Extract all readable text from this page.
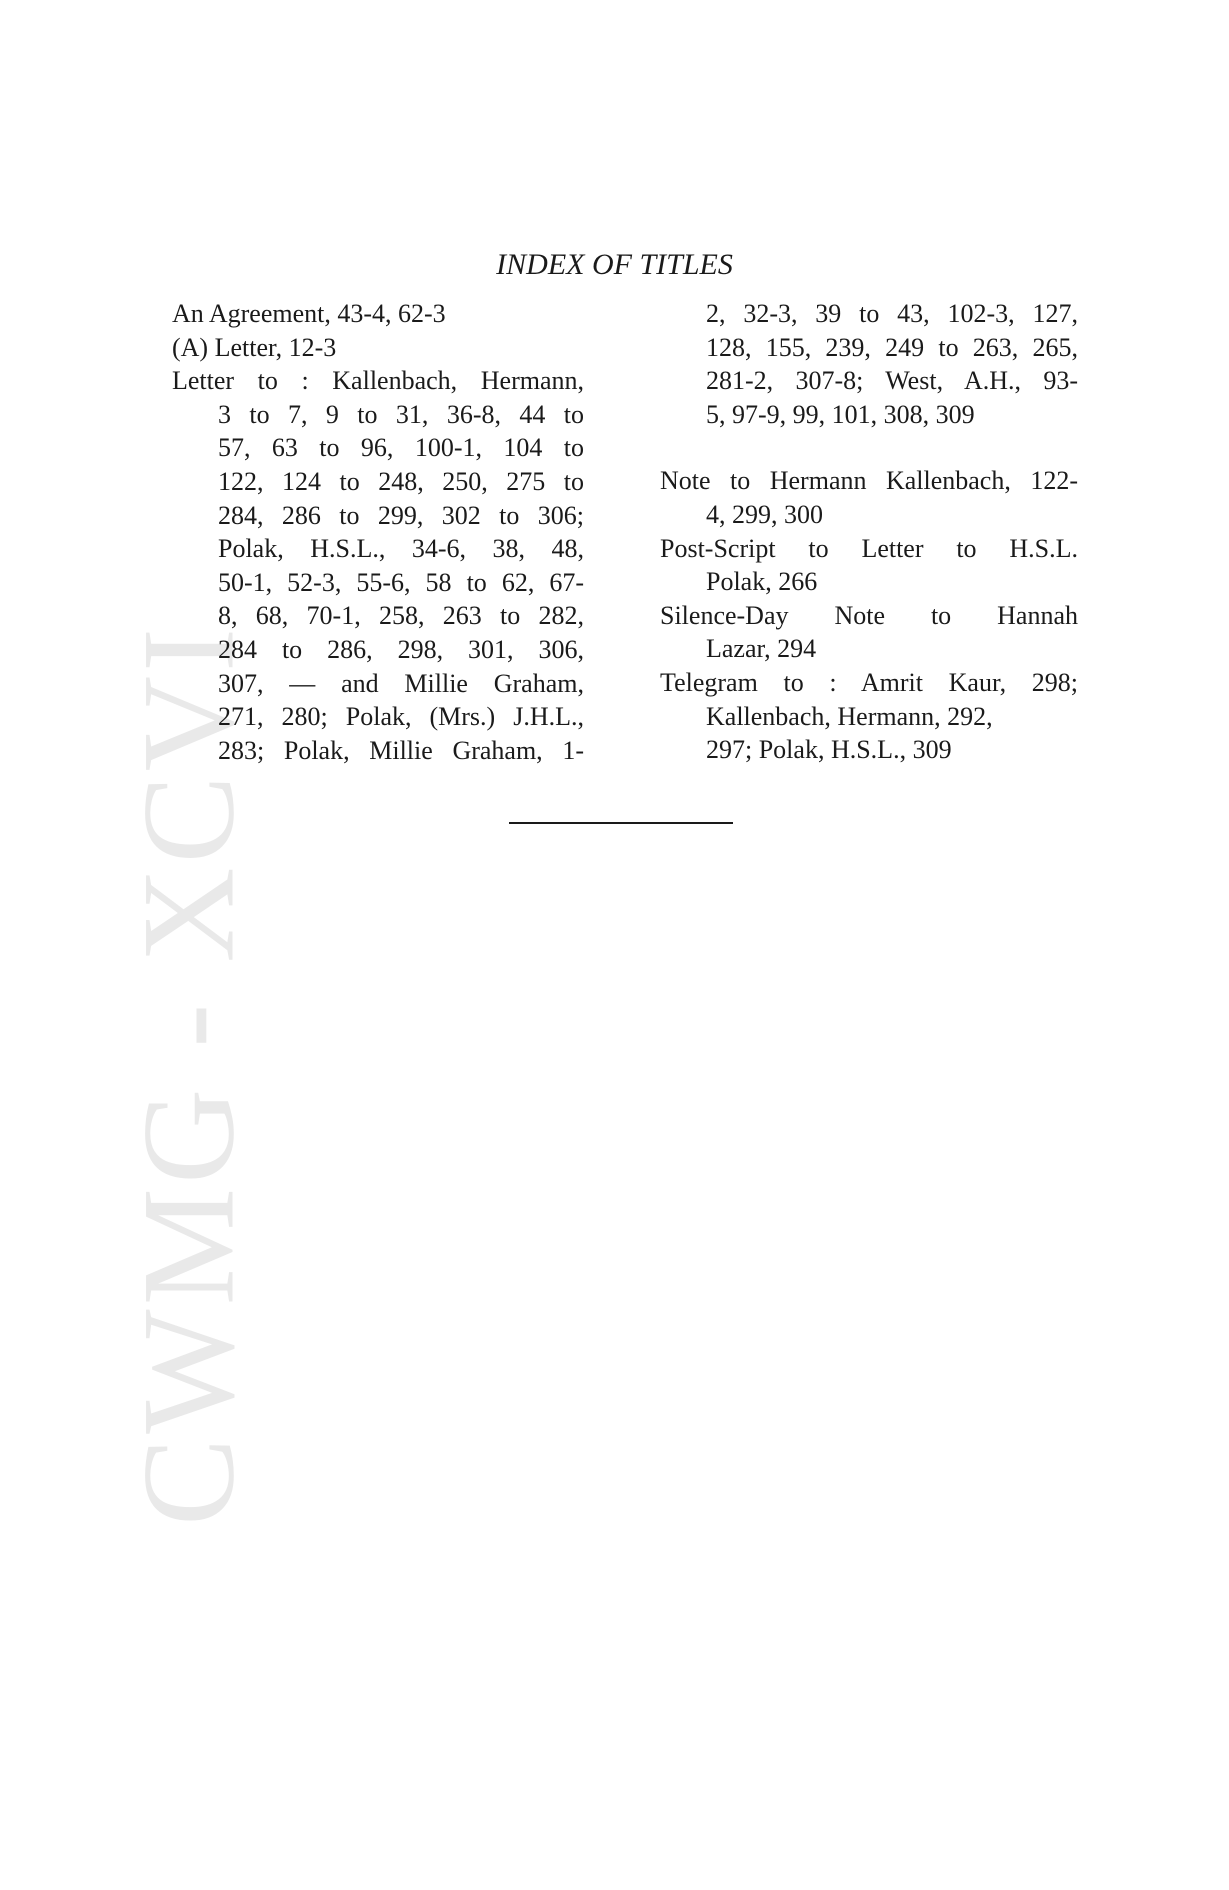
CWMG - XCVI
INDEX OF TITLES
An Agreement, 43-4, 62-3
(A) Letter, 12-3
Letter to : Kallenbach, Hermann,
3 to 7, 9 to 31, 36-8, 44 to
57, 63 to 96, 100-1, 104 to
122, 124 to 248, 250, 275 to
284, 286 to 299, 302 to 306;
Polak, H.S.L., 34-6, 38, 48,
50-1, 52-3, 55-6, 58 to 62, 67-
8, 68, 70-1, 258, 263 to 282,
284 to 286, 298, 301, 306,
307, — and Millie Graham,
271, 280; Polak, (Mrs.) J.H.L.,
283; Polak, Millie Graham, 1-
2, 32-3, 39 to 43, 102-3, 127,
128, 155, 239, 249 to 263, 265,
281-2, 307-8; West, A.H., 93-
5, 97-9, 99, 101, 308, 309
Note to Hermann Kallenbach, 122-
4, 299, 300
Post-Script to Letter to H.S.L.
Polak, 266
Silence-Day Note to Hannah
Lazar, 294
Telegram to : Amrit Kaur, 298;
Kallenbach, Hermann, 292,
297; Polak, H.S.L., 309
